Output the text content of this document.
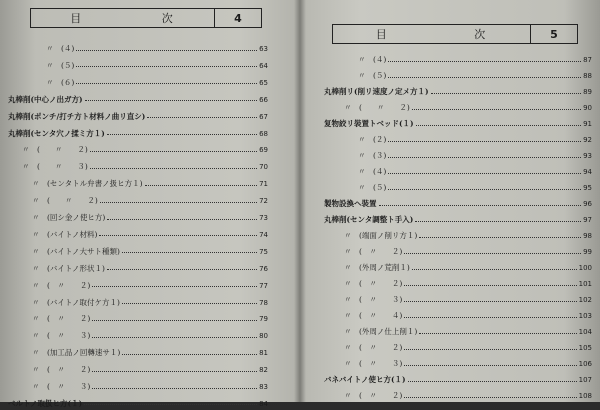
目	次	4
〃　(４)	63
〃　(５)	64
〃　(６)	65
丸棒削(中心ノ出ガ方)	66
丸棒削(ポンチ/打チ方ト材料ノ曲リ直シ)	67
丸棒削(センタ穴ノ揉ミ方１)	68
〃　(　　〃　　２)	69
〃　(　　〃　　３)	70
〃　(センタトル弁書ノ扱ヒ方１)	71
〃　(　　〃　　２)	72
〃　(回シ金ノ使ヒ方)	73
〃　(バイトノ材料)	74
〃　(バイトノ大サト種類)	75
〃　(バイトノ形状１)	76
〃　(　〃　　２)	77
〃　(バイトノ取付ケ方１)	78
〃　(　〃　　２)	79
〃　(　〃　　３)	80
〃　(加工品ノ回轉速サ１)	81
〃　(　〃　　２)	82
〃　(　〃　　３)	83
ベルトノ取扱ヒ方(１)	84
目	次	5
〃　(４)	87
〃　(５)	88
丸棒削リ(削リ速度ノ定メ方１)	89
〃　(　　〃　　２)	90
复物絞リ裝置トベッド(１)	91
〃　(２)	92
〃　(３)	93
〃　(４)	94
〃　(５)	95
製物設換ヘ裝置	96
丸棒削(センタ調整ト手入)	97
〃　(端面ノ削リ方１)	98
〃　(　〃　　２)	99
〃　(外周ノ荒削１)	100
〃　(　〃　　２)	101
〃　(　〃　　３)	102
〃　(　〃　　４)	103
〃　(外周ノ仕上削１)	104
〃　(　〃　　２)	105
〃　(　〃　　３)	106
バネバイトノ使ヒ方(１)	107
〃　(　〃　　２)	108
